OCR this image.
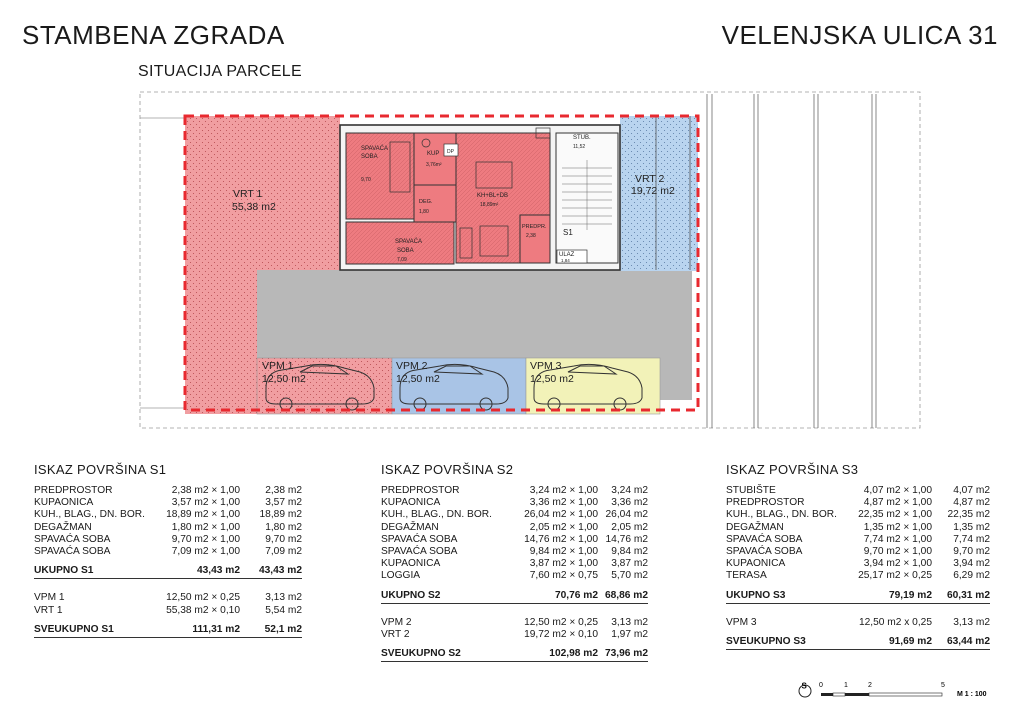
STAMBENA ZGRADA	VELENJSKA ULICA 31
SITUACIJA PARCELE
VRT 1
55,38 m2
VRT 2
19,72 m2
VPM 1
12,50 m2
VPM 2
12,50 m2
VPM 3
12,50 m2
SPAVAĆA
SOBA
9,70
KUP
3,76m²
DP
KH+BL+DB
18,89m²
DEG.
1,80
SPAVAĆA
SOBA
7,09
PREDPR.
2,38
STUB.
11,52
S1
ULAZ
1,84
ISKAZ POVRŠINA S1
PREDPROSTOR	2,38 m2 × 1,00 2,38 m2
KUPAONICA	3,57 m2 × 1,00 3,57 m2
KUH., BLAG., DN. BOR. 18,89 m2 × 1,00 18,89 m2
DEGAŽMAN	1,80 m2 × 1,00 1,80 m2
SPAVAĆA SOBA	9,70 m2 × 1,00 9,70 m2
SPAVAĆA SOBA	7,09 m2 × 1,00 7,09 m2
UKUPNO S1	43,43 m2 43,43 m2
VPM 1	12,50 m2 × 0,25 3,13 m2
VRT 1	55,38 m2 × 0,10 5,54 m2
SVEUKUPNO S1	111,31 m2 52,1 m2
ISKAZ POVRŠINA S2
PREDPROSTOR	3,24 m2 × 1,00 3,24 m2
KUPAONICA	3,36 m2 × 1,00 3,36 m2
KUH., BLAG., DN. BOR.	26,04 m2 × 1,00 26,04 m2
DEGAŽMAN	2,05 m2 × 1,00 2,05 m2
SPAVAĆA SOBA	14,76 m2 × 1,00 14,76 m2
SPAVAĆA SOBA	9,84 m2 × 1,00 9,84 m2
KUPAONICA	3,87 m2 × 1,00 3,87 m2
LOGGIA	7,60 m2 × 0,75 5,70 m2
UKUPNO S2	70,76 m2 68,86 m2
VPM 2	12,50 m2 × 0,25 3,13 m2
VRT 2	19,72 m2 × 0,10 1,97 m2
SVEUKUPNO S2	102,98 m2 73,96 m2
ISKAZ POVRŠINA S3
STUBIŠTE	4,07 m2 × 1,00 4,07 m2
PREDPROSTOR	4,87 m2 × 1,00 4,87 m2
KUH., BLAG., DN. BOR. 22,35 m2 × 1,00 22,35 m2
DEGAŽMAN	1,35 m2 × 1,00 1,35 m2
SPAVAĆA SOBA	7,74 m2 × 1,00 7,74 m2
SPAVAĆA SOBA	9,70 m2 × 1,00 9,70 m2
KUPAONICA	3,94 m2 × 1,00 3,94 m2
TERASA	25,17 m2 × 0,25 6,29 m2
UKUPNO S3	79,19 m2 60,31 m2
VPM 3	12,50 m2 x 0,25 3,13 m2
SVEUKUPNO S3	91,69 m2 63,44 m2
S 0	1	2	5
M 1 : 100
